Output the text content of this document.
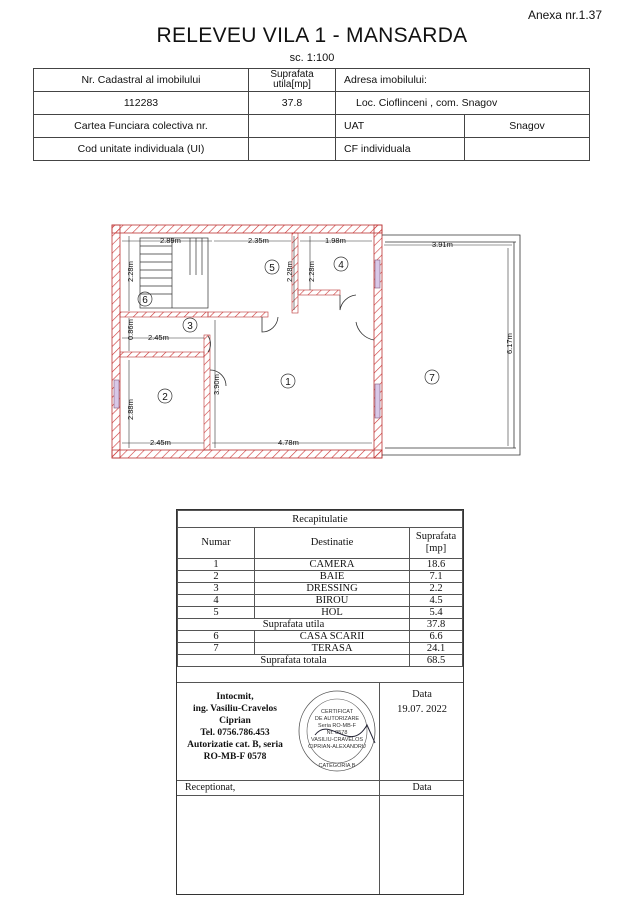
Anexa nr.1.37
RELEVEU VILA 1 - MANSARDA
sc. 1:100
Nr. Cadastral al imobilului	Suprafata utila[mp]	Adresa imobilului:	
112283	37.8	Loc. Cioflinceni , com. Snagov	
Cartea Funciara colectiva nr.		UAT	Snagov
Cod unitate individuala (UI)		CF individuala	
2.89m	2.35m	1.98m	3.91m
2.28m	2.28m 2.28m
0.86m 2.45m
3.90m
2.88m
2.45m	4.78m
6.17m
1
2
3
4
5
6
7
Recapitulatie		
Numar	Destinatie	Suprafata [mp]
1	CAMERA	18.6
2	BAIE	7.1
3	DRESSING	2.2
4	BIROU	4.5
5	HOL	5.4
Suprafata utila		37.8
6	CASA SCARII	6.6
7	TERASA	24.1
Suprafata totala		68.5
Intocmit,
ing. Vasiliu-Cravelos
Ciprian
Tel. 0756.786.453
Autorizatie cat. B, seria
RO-MB-F 0578
CERTIFICAT
DE AUTORIZARE
Seria RO-MB-F
Nr. 0578
VASILIU-CRAVELOS
CIPRIAN-ALEXANDRU
CATEGORIA B
Data
19.07. 2022
Receptionat,	Data
